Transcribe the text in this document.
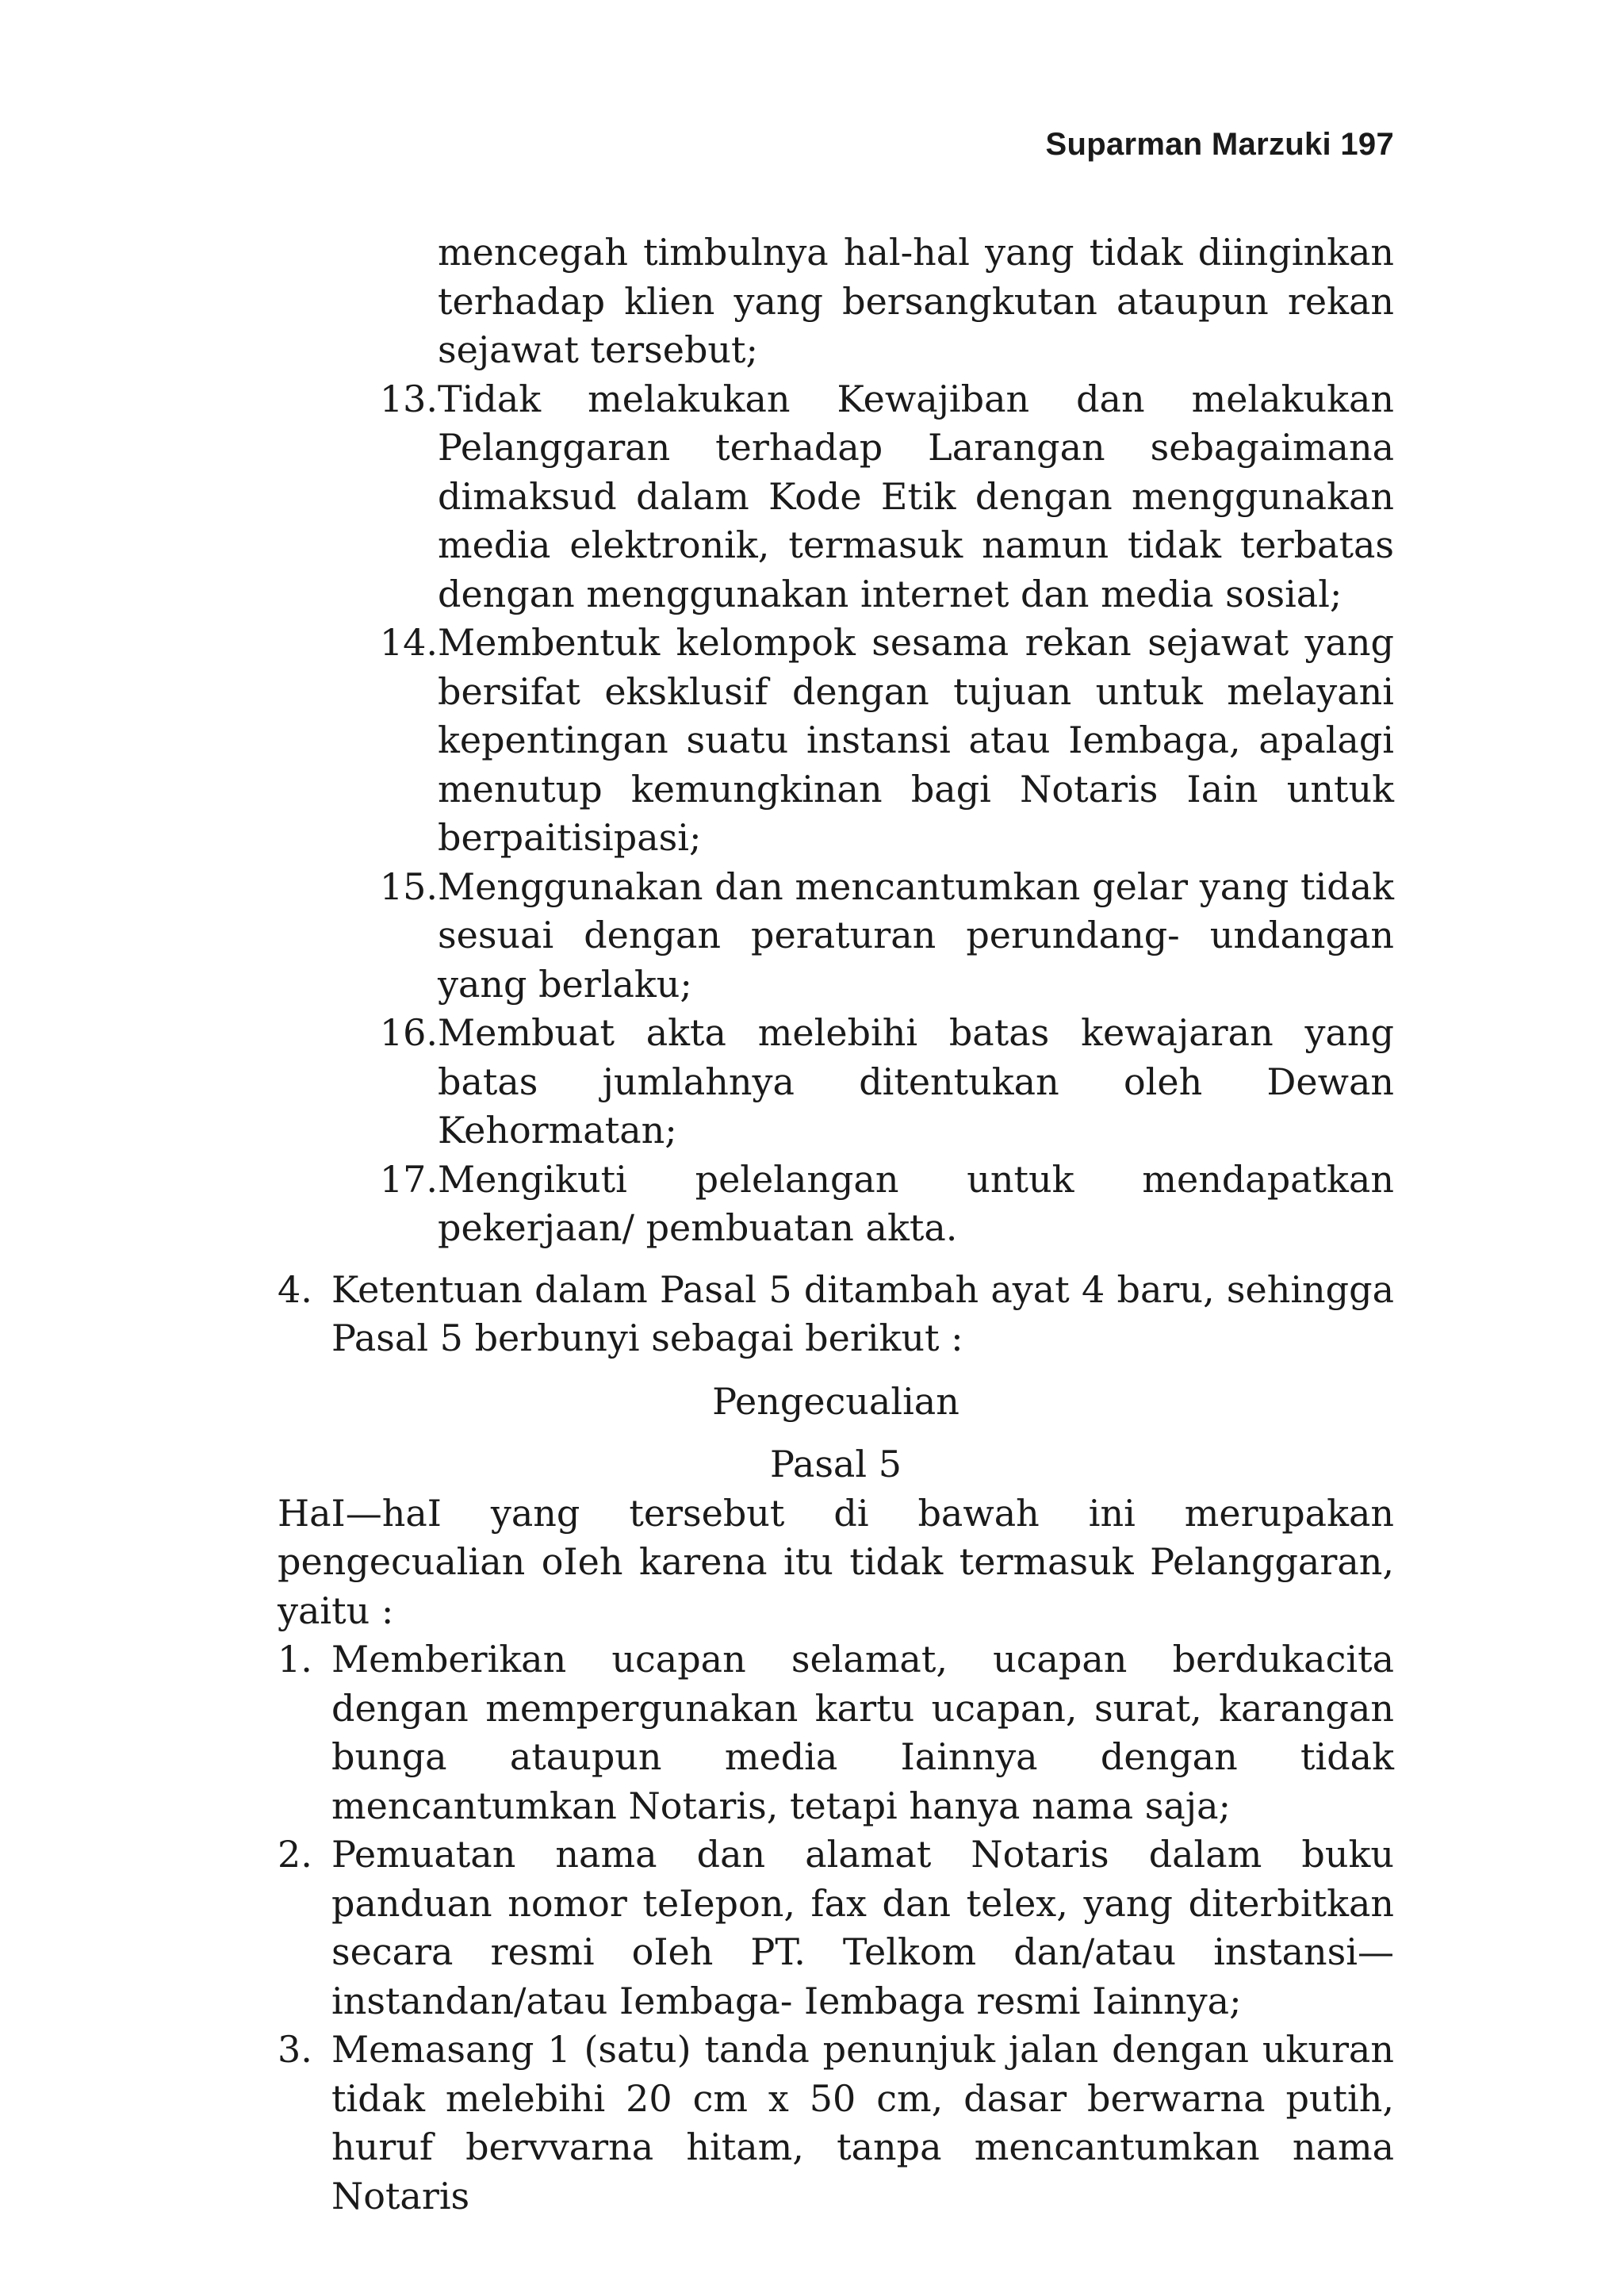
Suparman Marzuki 197
mencegah timbulnya hal-hal yang tidak diinginkan terhadap klien yang bersangkutan ataupun rekan sejawat tersebut;
13. Tidak melakukan Kewajiban dan melakukan Pelanggaran terhadap Larangan sebagaimana dimaksud dalam Kode Etik dengan menggunakan media elektronik, termasuk namun tidak terbatas dengan menggunakan internet dan media sosial;
14. Membentuk kelompok sesama rekan sejawat yang bersifat eksklusif dengan tujuan untuk melayani kepentingan suatu instansi atau Iembaga, apalagi menutup kemungkinan bagi Notaris Iain untuk berpaitisipasi;
15. Menggunakan dan mencantumkan gelar yang tidak sesuai dengan peraturan perundang- undangan yang berlaku;
16. Membuat akta melebihi batas kewajaran yang batas jumlahnya ditentukan oleh Dewan Kehormatan;
17. Mengikuti pelelangan untuk mendapatkan pekerjaan/ pembuatan akta.
4. Ketentuan dalam Pasal 5 ditambah ayat 4 baru, sehingga Pasal 5 berbunyi sebagai berikut :
Pengecualian
Pasal 5
HaI—haI yang tersebut di bawah ini merupakan pengecualian oIeh karena itu tidak termasuk Pelanggaran, yaitu :
1. Memberikan ucapan selamat, ucapan berdukacita dengan mempergunakan kartu ucapan, surat, karangan bunga ataupun media Iainnya dengan tidak mencantumkan Notaris, tetapi hanya nama saja;
2. Pemuatan nama dan alamat Notaris dalam buku panduan nomor teIepon, fax dan telex, yang diterbitkan secara resmi oIeh PT. Telkom dan/atau instansi—instandan/atau Iembaga- Iembaga resmi Iainnya;
3. Memasang 1 (satu) tanda penunjuk jalan dengan ukuran tidak melebihi 20 cm x 50 cm, dasar berwarna putih, huruf bervvarna hitam, tanpa mencantumkan nama Notaris
